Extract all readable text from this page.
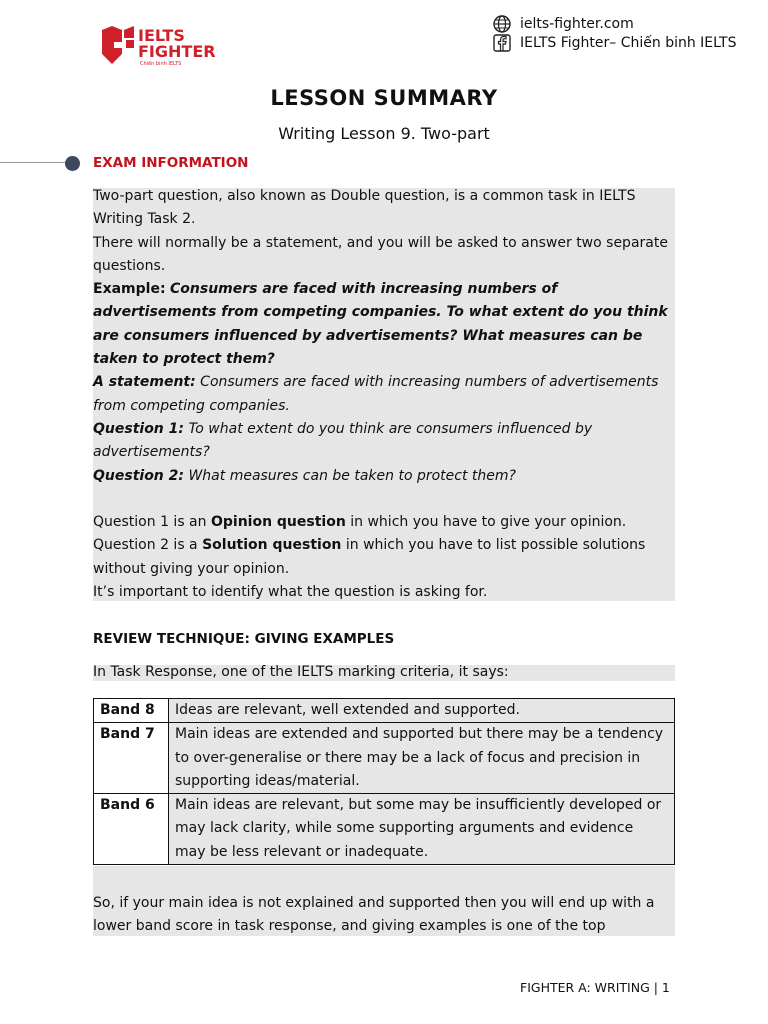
IELTS
FIGHTER
Chiến binh IELTS
ielts-fighter.com
IELTS Fighter– Chiến binh IELTS
LESSON SUMMARY
Writing Lesson 9. Two-part
EXAM INFORMATION

Two-part question, also known as Double question, is a common task in IELTS Writing Task 2.

There will normally be a statement, and you will be asked to answer two separate questions.

Example: Consumers are faced with increasing numbers of advertisements from competing companies. To what extent do you think are consumers influenced by advertisements? What measures can be taken to protect them?

A statement: Consumers are faced with increasing numbers of advertisements from competing companies.

Question 1: To what extent do you think are consumers influenced by advertisements?

Question 2: What measures can be taken to protect them?

Question 1 is an Opinion question in which you have to give your opinion.

Question 2 is a Solution question in which you have to list possible solutions without giving your opinion.

It’s important to identify what the question is asking for.

REVIEW TECHNIQUE: GIVING EXAMPLES

In Task Response, one of the IELTS marking criteria, it says:

Band 8	Ideas are relevant, well extended and supported.
Band 7	Main ideas are extended and supported but there may be a tendency to over-generalise or there may be a lack of focus and precision in supporting ideas/material.
Band 6	Main ideas are relevant, but some may be insufficiently developed or may lack clarity, while some supporting arguments and evidence may be less relevant or inadequate.

So, if your main idea is not explained and supported then you will end up with a lower band score in task response, and giving examples is one of the top

FIGHTER A: WRITING | 1
